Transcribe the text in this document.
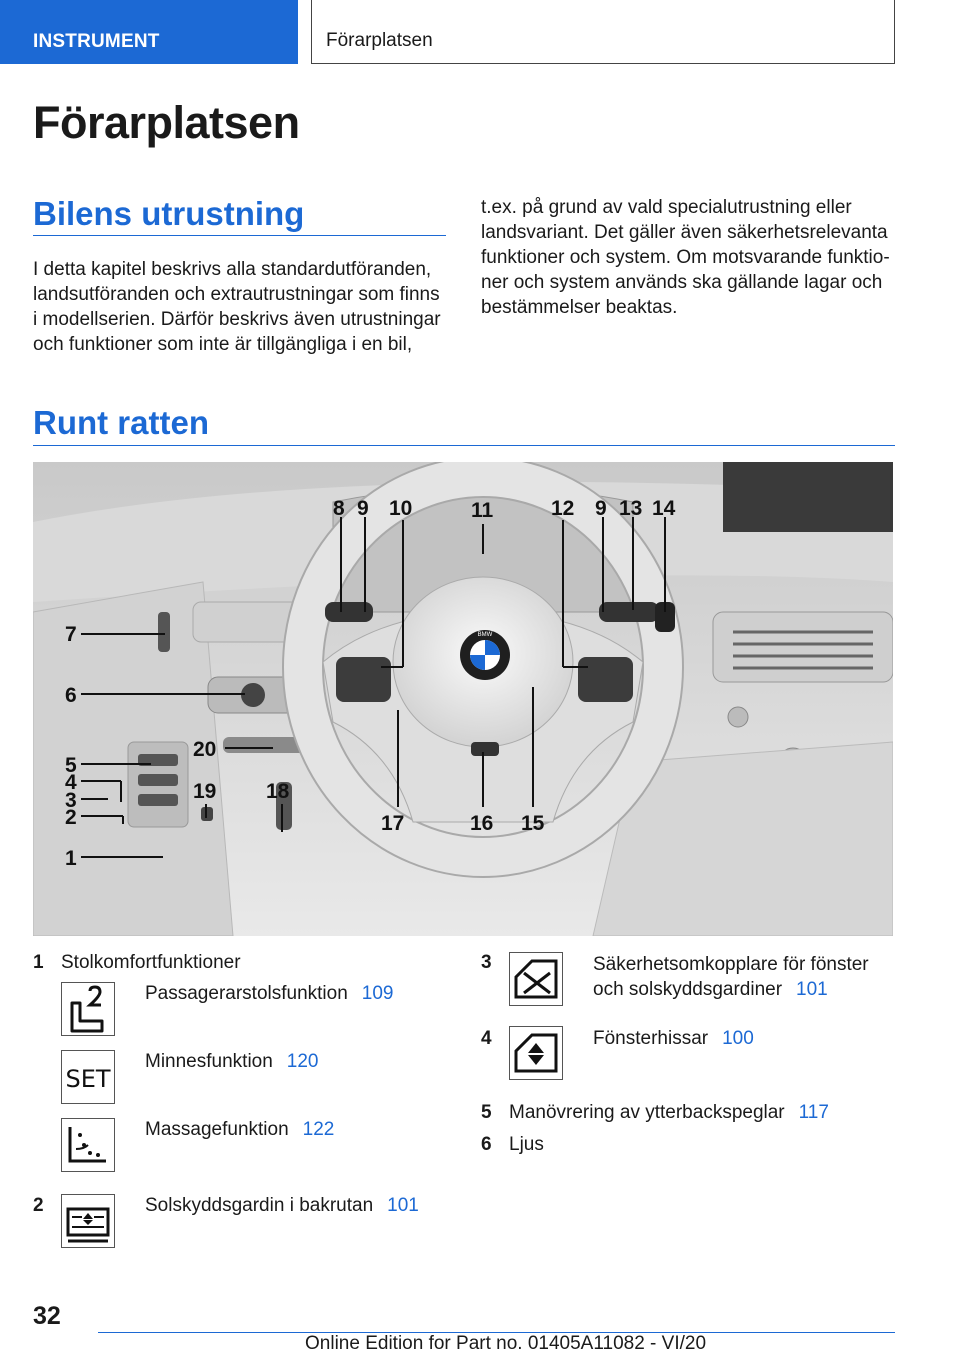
INSTRUMENT	Förarplatsen
Förarplatsen
Bilens utrustning
I detta kapitel beskrivs alla standardutföranden,
landsutföranden och extrautrustningar som finns
i modellserien. Därför beskrivs även utrustningar
och funktioner som inte är tillgängliga i en bil,
t.ex. på grund av vald specialutrustning eller
landsvariant. Det gäller även säkerhetsrelevanta
funktioner och system. Om motsvarande funktio-
ner och system används ska gällande lagar och
bestämmelser beaktas.
Runt ratten
BMW
8 9 10	11	12 9 13 14
7
6
5
4
3
2
1
20
19 18
17	16 15
1 Stolkomfortfunktioner
Passagerarstolsfunktion 109
SET
Minnesfunktion 120
Massagefunktion 122
2	Solskyddsgardin i bakrutan 101
3	Säkerhetsomkopplare för fönster
och solskyddsgardiner 101
4	Fönsterhissar 100
5 Manövrering av ytterbackspeglar 117
6 Ljus
32
Online Edition for Part no. 01405A11082 - VI/20
